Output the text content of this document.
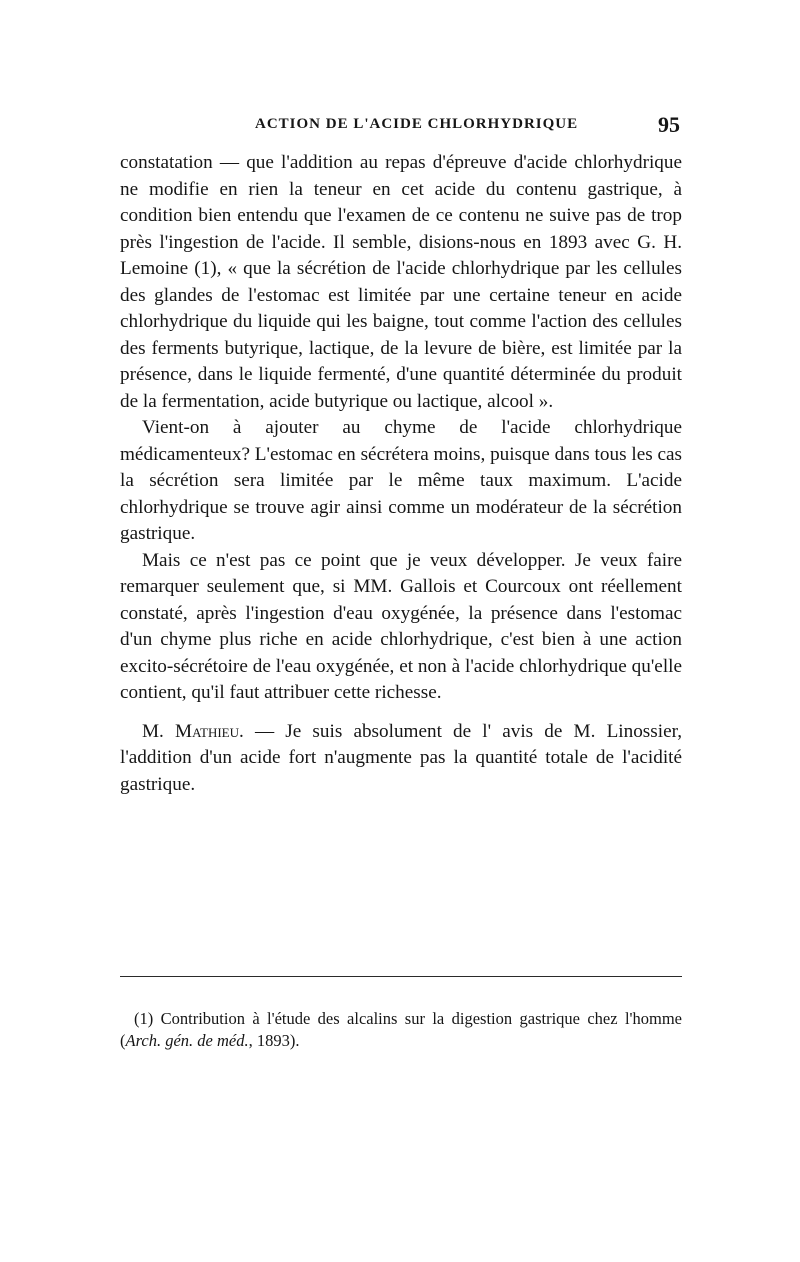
ACTION DE L'ACIDE CHLORHYDRIQUE	95

constatation — que l'addition au repas d'épreuve d'acide chlorhydrique ne modifie en rien la teneur en cet acide du contenu gastrique, à condition bien entendu que l'examen de ce contenu ne suive pas de trop près l'ingestion de l'acide. Il semble, disions-nous en 1893 avec G. H. Lemoine (1), « que la sécrétion de l'acide chlorhydrique par les cellules des glandes de l'estomac est limitée par une certaine teneur en acide chlorhydrique du liquide qui les baigne, tout comme l'action des cellules des ferments butyrique, lactique, de la levure de bière, est limitée par la présence, dans le liquide fermenté, d'une quantité déterminée du produit de la fermentation, acide butyrique ou lactique, alcool ».

Vient-on à ajouter au chyme de l'acide chlorhydrique médicamenteux? L'estomac en sécrétera moins, puisque dans tous les cas la sécrétion sera limitée par le même taux maximum. L'acide chlorhydrique se trouve agir ainsi comme un modérateur de la sécrétion gastrique.

Mais ce n'est pas ce point que je veux développer. Je veux faire remarquer seulement que, si MM. Gallois et Courcoux ont réellement constaté, après l'ingestion d'eau oxygénée, la présence dans l'estomac d'un chyme plus riche en acide chlorhydrique, c'est bien à une action excito-sécrétoire de l'eau oxygénée, et non à l'acide chlorhydrique qu'elle contient, qu'il faut attribuer cette richesse.

M. Mathieu. — Je suis absolument de l' avis de M. Linossier, l'addition d'un acide fort n'augmente pas la quantité totale de l'acidité gastrique.

(1) Contribution à l'étude des alcalins sur la digestion gastrique chez l'homme (Arch. gén. de méd., 1893).
